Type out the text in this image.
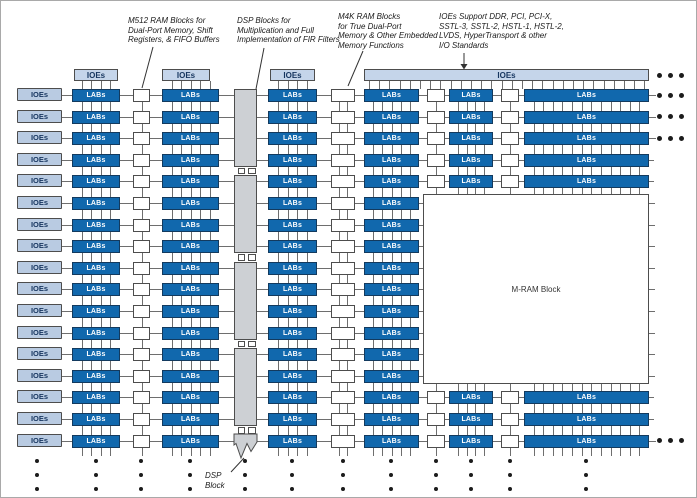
IOEs	IOEs	IOEs	IOEs
IOEs	LABs	LABs	LABs	LABs	LABs	LABs
IOEs	LABs	LABs	LABs	LABs	LABs	LABs
IOEs	LABs	LABs	LABs	LABs	LABs	LABs
IOEs	LABs	LABs	LABs	LABs	LABs	LABs
IOEs	LABs	LABs	LABs	LABs	LABs	LABs
IOEs	LABs	LABs	LABs	LABs
IOEs	LABs	LABs	LABs	LABs
IOEs	LABs	LABs	LABs	LABs
IOEs	LABs	LABs	LABs	LABs
IOEs	LABs	LABs	LABs	LABs
IOEs	LABs	LABs	LABs	LABs
IOEs	LABs	LABs	LABs	LABs
IOEs	LABs	LABs	LABs	LABs
IOEs	LABs	LABs	LABs	LABs
IOEs	LABs	LABs	LABs	LABs	LABs	LABs
IOEs	LABs	LABs	LABs	LABs	LABs	LABs
IOEs	LABs	LABs	LABs	LABs	LABs	LABs
M-RAM Block
M512 RAM Blocks for
Dual-Port Memory, Shift
Registers, & FIFO Buffers
DSP Blocks for
Multiplication and Full
Implementation of FIR Filters
M4K RAM Blocks
for True Dual-Port
Memory & Other Embedded
Memory Functions
IOEs Support DDR, PCI, PCI-X,
SSTL-3, SSTL-2, HSTL-1, HSTL-2,
LVDS, HyperTransport & other
I/O Standards
DSP
Block
